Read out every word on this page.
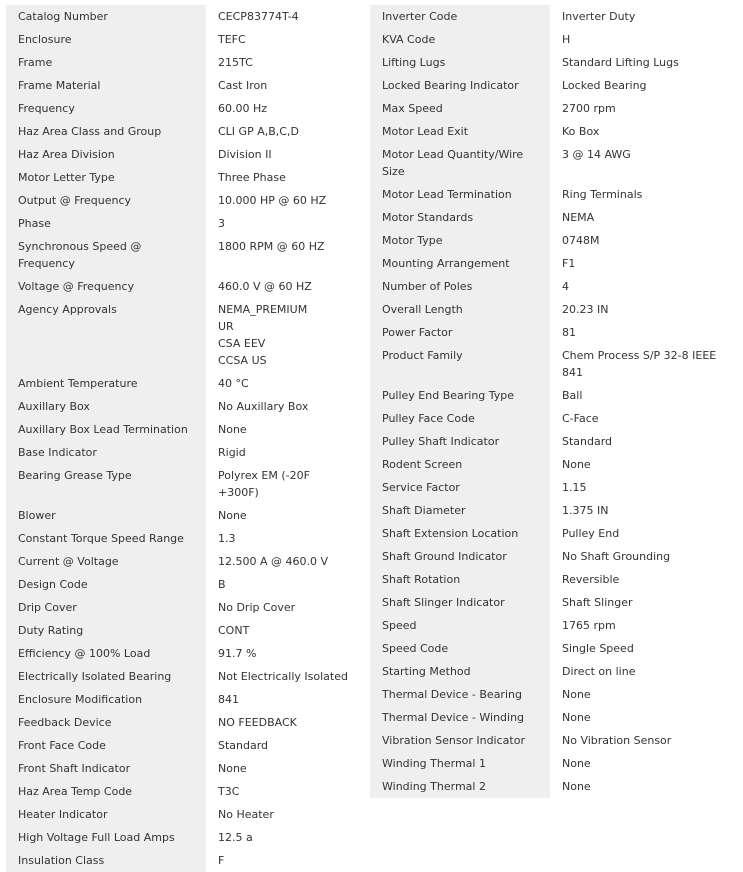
Catalog Number	CECP83774T-4

Enclosure	TEFC

Frame	215TC

Frame Material	Cast Iron

Frequency	60.00 Hz

Haz Area Class and Group	CLI GP A,B,C,D

Haz Area Division	Division II

Motor Letter Type	Three Phase

Output @ Frequency	10.000 HP @ 60 HZ

Phase	3

Synchronous Speed @ Frequency	1800 RPM @ 60 HZ

Voltage @ Frequency	460.0 V @ 60 HZ

Agency Approvals	NEMA_PREMIUM
UR
CSA EEV
CCSA US

Ambient Temperature	40 °C

Auxillary Box	No Auxillary Box

Auxillary Box Lead Termination	None

Base Indicator	Rigid

Bearing Grease Type	Polyrex EM (-20F +300F)

Blower	None

Constant Torque Speed Range	1.3

Current @ Voltage	12.500 A @ 460.0 V

Design Code	B

Drip Cover	No Drip Cover

Duty Rating	CONT

Efficiency @ 100% Load	91.7 %

Electrically Isolated Bearing	Not Electrically Isolated

Enclosure Modification	841

Feedback Device	NO FEEDBACK

Front Face Code	Standard

Front Shaft Indicator	None

Haz Area Temp Code	T3C

Heater Indicator	No Heater

High Voltage Full Load Amps	12.5 a

Insulation Class	F
Inverter Code	Inverter Duty

KVA Code	H

Lifting Lugs	Standard Lifting Lugs

Locked Bearing Indicator	Locked Bearing

Max Speed	2700 rpm

Motor Lead Exit	Ko Box

Motor Lead Quantity/Wire Size	3 @ 14 AWG

Motor Lead Termination	Ring Terminals

Motor Standards	NEMA

Motor Type	0748M

Mounting Arrangement	F1

Number of Poles	4

Overall Length	20.23 IN

Power Factor	81

Product Family	Chem Process S/P 32-8 IEEE 841

Pulley End Bearing Type	Ball

Pulley Face Code	C-Face

Pulley Shaft Indicator	Standard

Rodent Screen	None

Service Factor	1.15

Shaft Diameter	1.375 IN

Shaft Extension Location	Pulley End

Shaft Ground Indicator	No Shaft Grounding

Shaft Rotation	Reversible

Shaft Slinger Indicator	Shaft Slinger

Speed	1765 rpm

Speed Code	Single Speed

Starting Method	Direct on line

Thermal Device - Bearing	None

Thermal Device - Winding	None

Vibration Sensor Indicator	No Vibration Sensor

Winding Thermal 1	None

Winding Thermal 2	None
